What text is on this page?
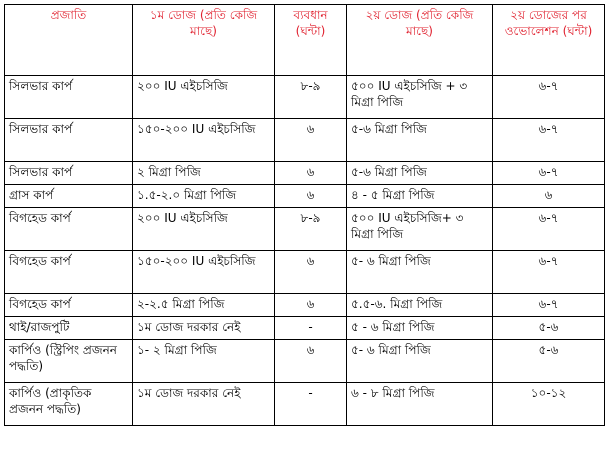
প্রজাতি	১ম ডোজ (প্রতি কেজি মাছে)	ব্যবধান (ঘন্টা)	২য় ডোজ (প্রতি কেজি মাছে)	২য় ডোজের পর ওভোলেশন (ঘন্টা)
সিলভার কার্প	২০০ IU এইচসিজি	৮-৯	৫০০ IU এইচসিজি + ৩ মিগ্রা পিজি	৬-৭
সিলভার কার্প	১৫০-২০০ IU এইচসিজি	৬	৫-৬ মিগ্রা পিজি	৬-৭
সিলভার কার্প	২ মিগ্রা পিজি	৬	৫-৬ মিগ্রা পিজি	৬-৭
গ্রাস কার্প	১.৫-২.০ মিগ্রা পিজি	৬	৪ - ৫ মিগ্রা পিজি	৬
বিগহেড কার্প	২০০ IU এইচসিজি	৮-৯	৫০০ IU এইচসিজি+ ৩ মিগ্রা পিজি	৬-৭
বিগহেড কার্প	১৫০-২০০ IU এইচসিজি	৬	৫- ৬ মিগ্রা পিজি	৬-৭
বিগহেড কার্প	২-২.৫ মিগ্রা পিজি	৬	৫.৫-৬. মিগ্রা পিজি	৬-৭
থাই/রাজপুটি	১ম ডোজ দরকার নেই	-	৫ - ৬ মিগ্রা পিজি	৫-৬
কার্পিও (স্ট্রিপিং প্রজনন পদ্ধতি)	১- ২ মিগ্রা পিজি	৬	৫- ৬ মিগ্রা পিজি	৫-৬
কার্পিও (প্রাকৃতিক প্রজনন পদ্ধতি)	১ম ডোজ দরকার নেই	-	৬ - ৮ মিগ্রা পিজি	১০-১২
